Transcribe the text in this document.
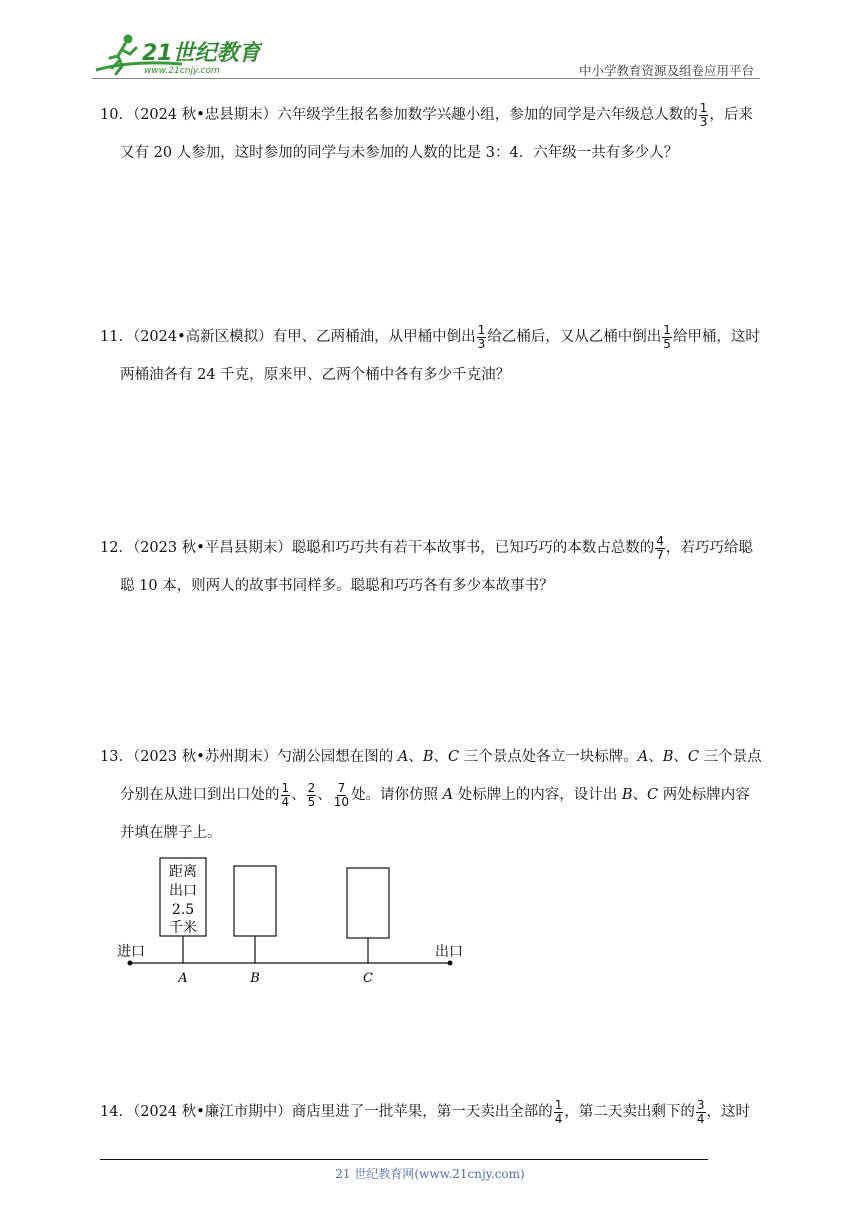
21世纪教育
www.21cnjy.com	中小学教育资源及组卷应用平台
10．（2024 秋•忠县期末）六年级学生报名参加数学兴趣小组，参加的同学是六年级总人数的 $\frac{1}{3}$ ，后来
又有 20 人参加，这时参加的同学与未参加的人数的比是 3：4．六年级一共有多少人？
11．（2024•高新区模拟）有甲、乙两桶油，从甲桶中倒出 $\frac{1}{3}$ 给乙桶后，又从乙桶中倒出 $\frac{1}{5}$ 给甲桶，这时
两桶油各有 24 千克，原来甲、乙两个桶中各有多少千克油？
12．（2023 秋•平昌县期末）聪聪和巧巧共有若干本故事书，已知巧巧的本数占总数的 $\frac{4}{7}$ ，若巧巧给聪
聪 10 本，则两人的故事书同样多。聪聪和巧巧各有多少本故事书？
13．（2023 秋•苏州期末）勺湖公园想在图的 A、B、C 三个景点处各立一块标牌。A、B、C 三个景点
分别在从进口到出口处的 $\frac{1}{4}$ 、 $\frac{2}{5}$ 、 $\frac{7}{10}$ 处。请你仿照 A 处标牌上的内容，设计出 B、C 两处标牌内容
并填在牌子上。
距离
出口
2.5
千米
进口	出口
A	B	C
14．（2024 秋•廉江市期中）商店里进了一批苹果，第一天卖出全部的 $\frac{1}{4}$ ，第二天卖出剩下的 $\frac{3}{4}$ ，这时
21 世纪教育网(www.21cnjy.com)
